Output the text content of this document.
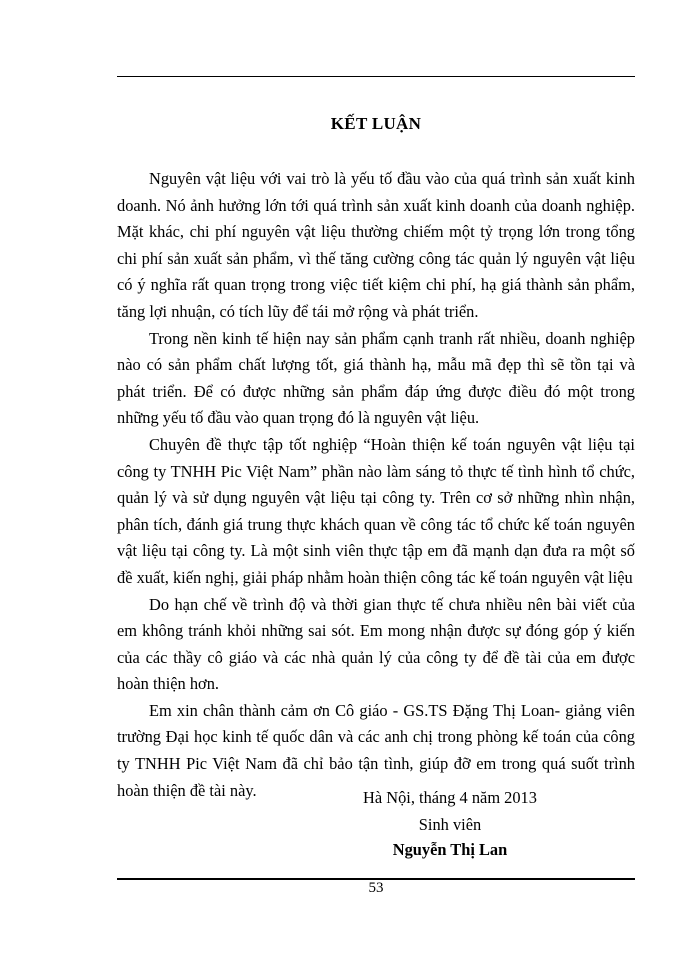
KẾT LUẬN

Nguyên vật liệu với vai trò là yếu tố đầu vào của quá trình sản xuất kinh doanh. Nó ảnh hưởng lớn tới quá trình sản xuất kinh doanh của doanh nghiệp. Mặt khác, chi phí nguyên vật liệu thường chiếm một tỷ trọng lớn trong tổng chi phí sản xuất sản phẩm, vì thế tăng cường công tác quản lý nguyên vật liệu có ý nghĩa rất quan trọng trong việc tiết kiệm chi phí, hạ giá thành sản phẩm, tăng lợi nhuận, có tích lũy để tái mở rộng và phát triển.

Trong nền kinh tế hiện nay sản phẩm cạnh tranh rất nhiều, doanh nghiệp nào có sản phẩm chất lượng tốt, giá thành hạ, mẫu mã đẹp thì sẽ tồn tại và phát triển. Để có được những sản phẩm đáp ứng được điều đó một trong những yếu tố đầu vào quan trọng đó là nguyên vật liệu.

Chuyên đề thực tập tốt nghiệp “Hoàn thiện kế toán nguyên vật liệu tại công ty TNHH Pic Việt Nam” phần nào làm sáng tỏ thực tế tình hình tổ chức, quản lý và sử dụng nguyên vật liệu tại công ty. Trên cơ sở những nhìn nhận, phân tích, đánh giá trung thực khách quan về công tác tổ chức kế toán nguyên vật liệu tại công ty. Là một sinh viên thực tập em đã mạnh dạn đưa ra một số đề xuất, kiến nghị, giải pháp nhằm hoàn thiện công tác kế toán nguyên vật liệu

Do hạn chế về trình độ và thời gian thực tế chưa nhiều nên bài viết của em không tránh khỏi những sai sót. Em mong nhận được sự đóng góp ý kiến của các thầy cô giáo và các nhà quản lý của công ty để đề tài của em được hoàn thiện hơn.

Em xin chân thành cảm ơn Cô giáo - GS.TS Đặng Thị Loan- giảng viên trường Đại học kinh tế quốc dân và các anh chị trong phòng kế toán của công ty TNHH Pic Việt Nam đã chỉ bảo tận tình, giúp đỡ em trong quá suốt trình hoàn thiện đề tài này.	Hà Nội, tháng 4 năm 2013
Sinh viên
Nguyễn Thị Lan
53
